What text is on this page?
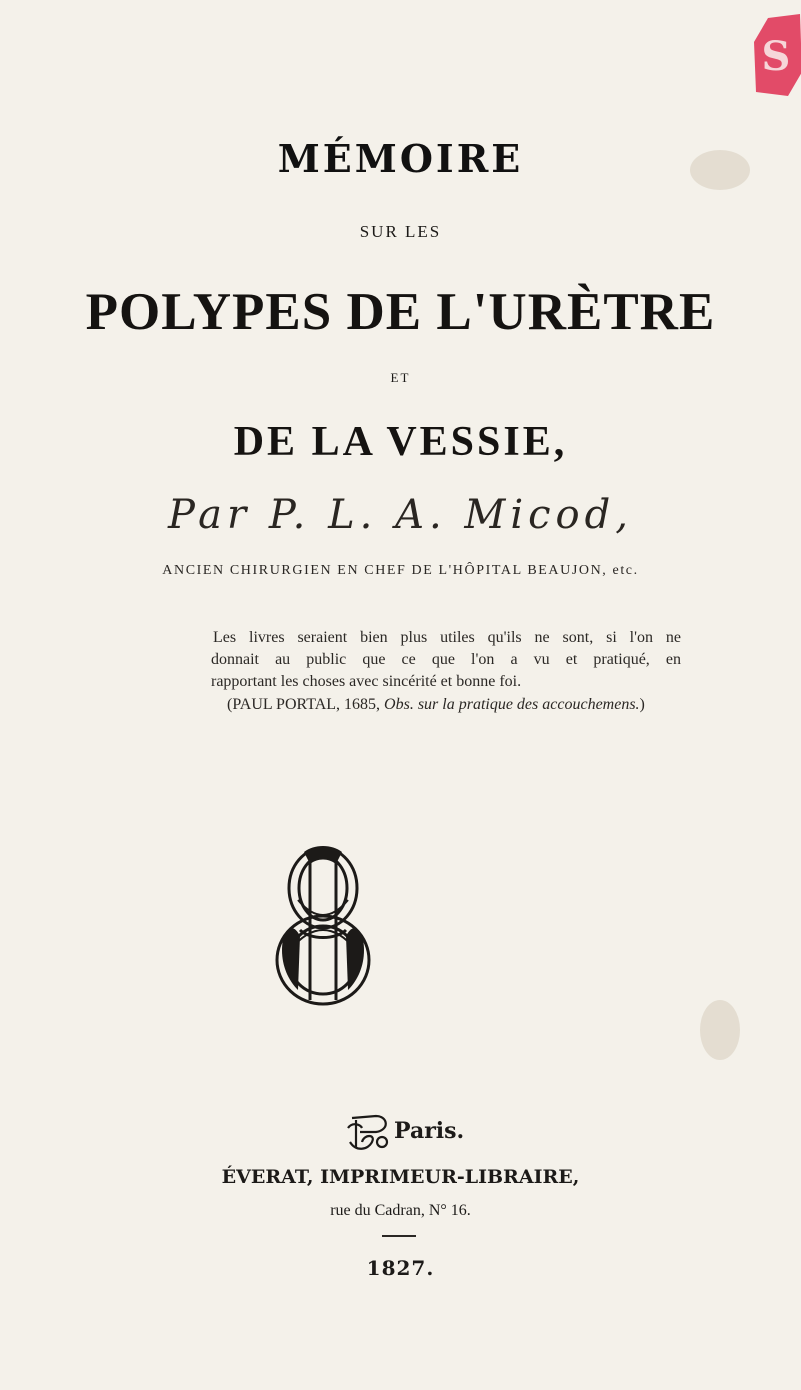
S
MÉMOIRE
SUR LES
POLYPES DE L'URÈTRE
ET
DE LA VESSIE,
Par P. L. A. Micod,
ANCIEN CHIRURGIEN EN CHEF DE L'HÔPITAL BEAUJON, etc.
Les livres seraient bien plus utiles qu'ils ne sont, si l'on ne
donnait au public que ce que l'on a vu et pratiqué, en
rapportant les choses avec sincérité et bonne foi.
(PAUL PORTAL, 1685, Obs. sur la pratique des accouchemens.)
Paris.
ÉVERAT, IMPRIMEUR-LIBRAIRE,
rue du Cadran, N° 16.
1827.
